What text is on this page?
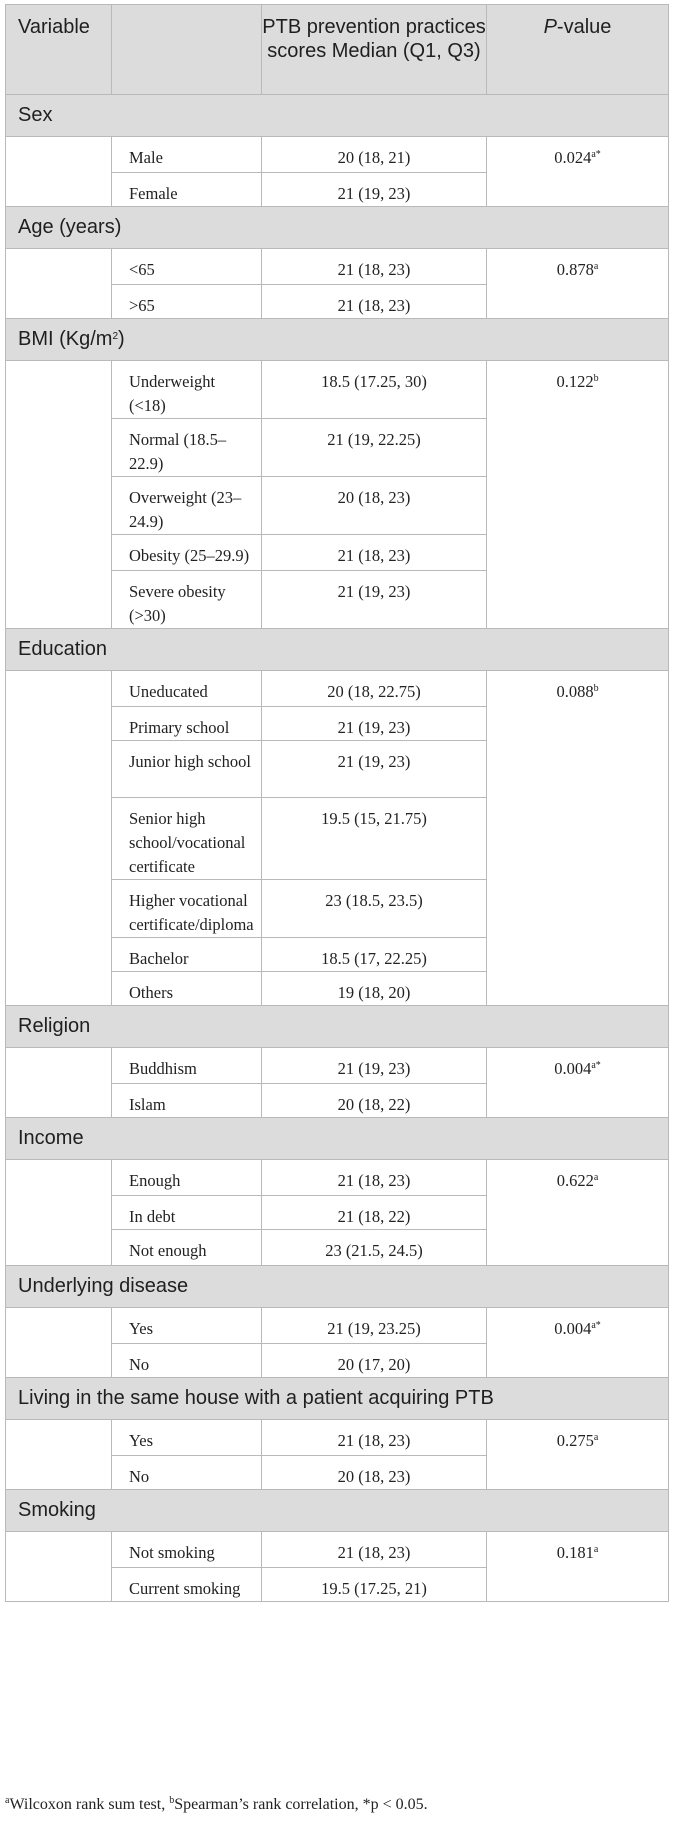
Variable		PTB prevention practices scores Median (Q1, Q3)	P-value
Sex			
	Male	20 (18, 21)	$0.024^{a*}$
	Female	21 (19, 23)	
Age (years)			
	<65	21 (18, 23)	0.878$^a$
	>65	21 (18, 23)	
BMI $(Kg/m^2)$			
	Underweight (<18)	18.5 (17.25, 30)	0.122$^b$
	Normal (18.5–22.9)	21 (19, 22.25)	
	Overweight (23–24.9)	20 (18, 23)	
	Obesity (25–29.9)	21 (18, 23)	
	Severe obesity (>30)	21 (19, 23)	
Education			
	Uneducated	20 (18, 22.75)	0.088$^b$
	Primary school	21 (19, 23)	
	Junior high school	21 (19, 23)	
	Senior high school/vocational certificate	19.5 (15, 21.75)	
	Higher vocational certificate/diploma	23 (18.5, 23.5)	
	Bachelor	18.5 (17, 22.25)	
	Others	19 (18, 20)	
Religion			
	Buddhism	21 (19, 23)	$0.004^{a*}$
	Islam	20 (18, 22)	
Income			
	Enough	21 (18, 23)	0.622$^a$
	In debt	21 (18, 22)	
	Not enough	23 (21.5, 24.5)	
Underlying disease			
	Yes	21 (19, 23.25)	$0.004^{a*}$
	No	20 (17, 20)	
Living in the same house with a patient acquiring PTB			
	Yes	21 (18, 23)	0.275$^a$
	No	20 (18, 23)	
Smoking			
	Not smoking	21 (18, 23)	0.181$^a$
	Current smoking	19.5 (17.25, 21)	
$^a$Wilcoxon rank sum test, $^b$Spearman’s rank correlation, *p < 0.05.
